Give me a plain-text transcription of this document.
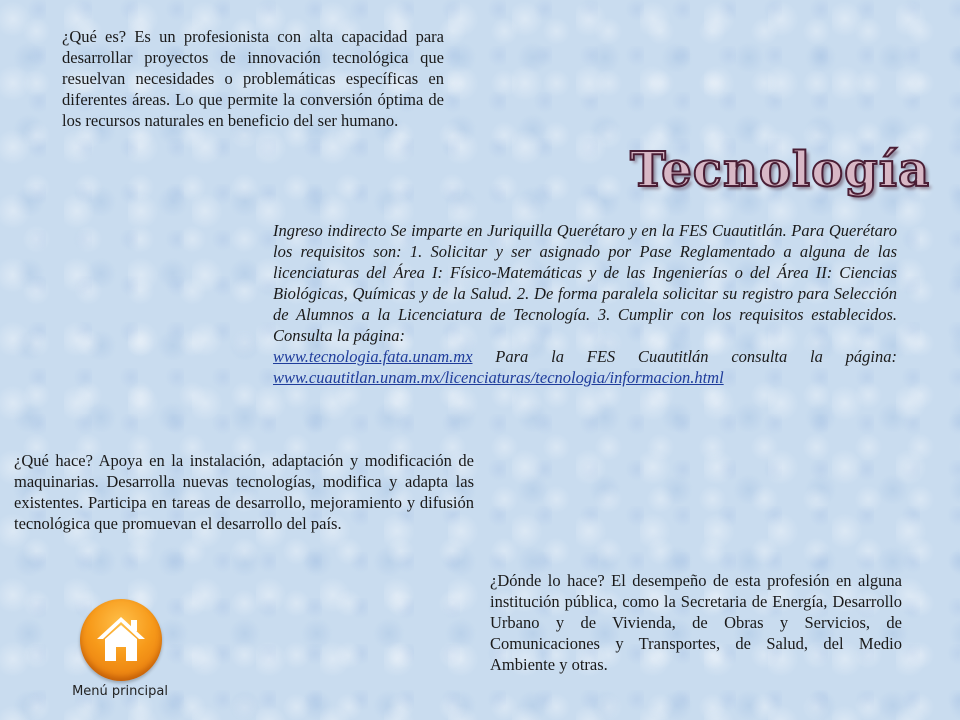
¿Qué es? Es un profesionista con alta capacidad para desarrollar proyectos de innovación tecnológica que resuelvan necesidades o problemáticas específicas en diferentes áreas. Lo que permite la conversión óptima de los recursos naturales en beneficio del ser humano.
Tecnología
Ingreso indirecto Se imparte en Juriquilla Querétaro y en la FES Cuautitlán. Para Querétaro los requisitos son: 1. Solicitar y ser asignado por Pase Reglamentado a alguna de las licenciaturas del Área I: Físico-Matemáticas y de las Ingenierías o del Área II: Ciencias Biológicas, Químicas y de la Salud. 2. De forma paralela solicitar su registro para Selección de Alumnos a la Licenciatura de Tecnología. 3. Cumplir con los requisitos establecidos. Consulta la página:
www.tecnologia.fata.unam.mx Para la FES Cuautitlán consulta la página: www.cuautitlan.unam.mx/licenciaturas/tecnologia/informacion.html
¿Qué hace? Apoya en la instalación, adaptación y modificación de maquinarias. Desarrolla nuevas tecnologías, modifica y adapta las existentes. Participa en tareas de desarrollo, mejoramiento y difusión tecnológica que promuevan el desarrollo del país.
¿Dónde lo hace? El desempeño de esta profesión en alguna institución pública, como la Secretaria de Energía, Desarrollo Urbano y de Vivienda, de Obras y Servicios, de Comunicaciones y Transportes, de Salud, del Medio Ambiente y otras.
Menú principal
